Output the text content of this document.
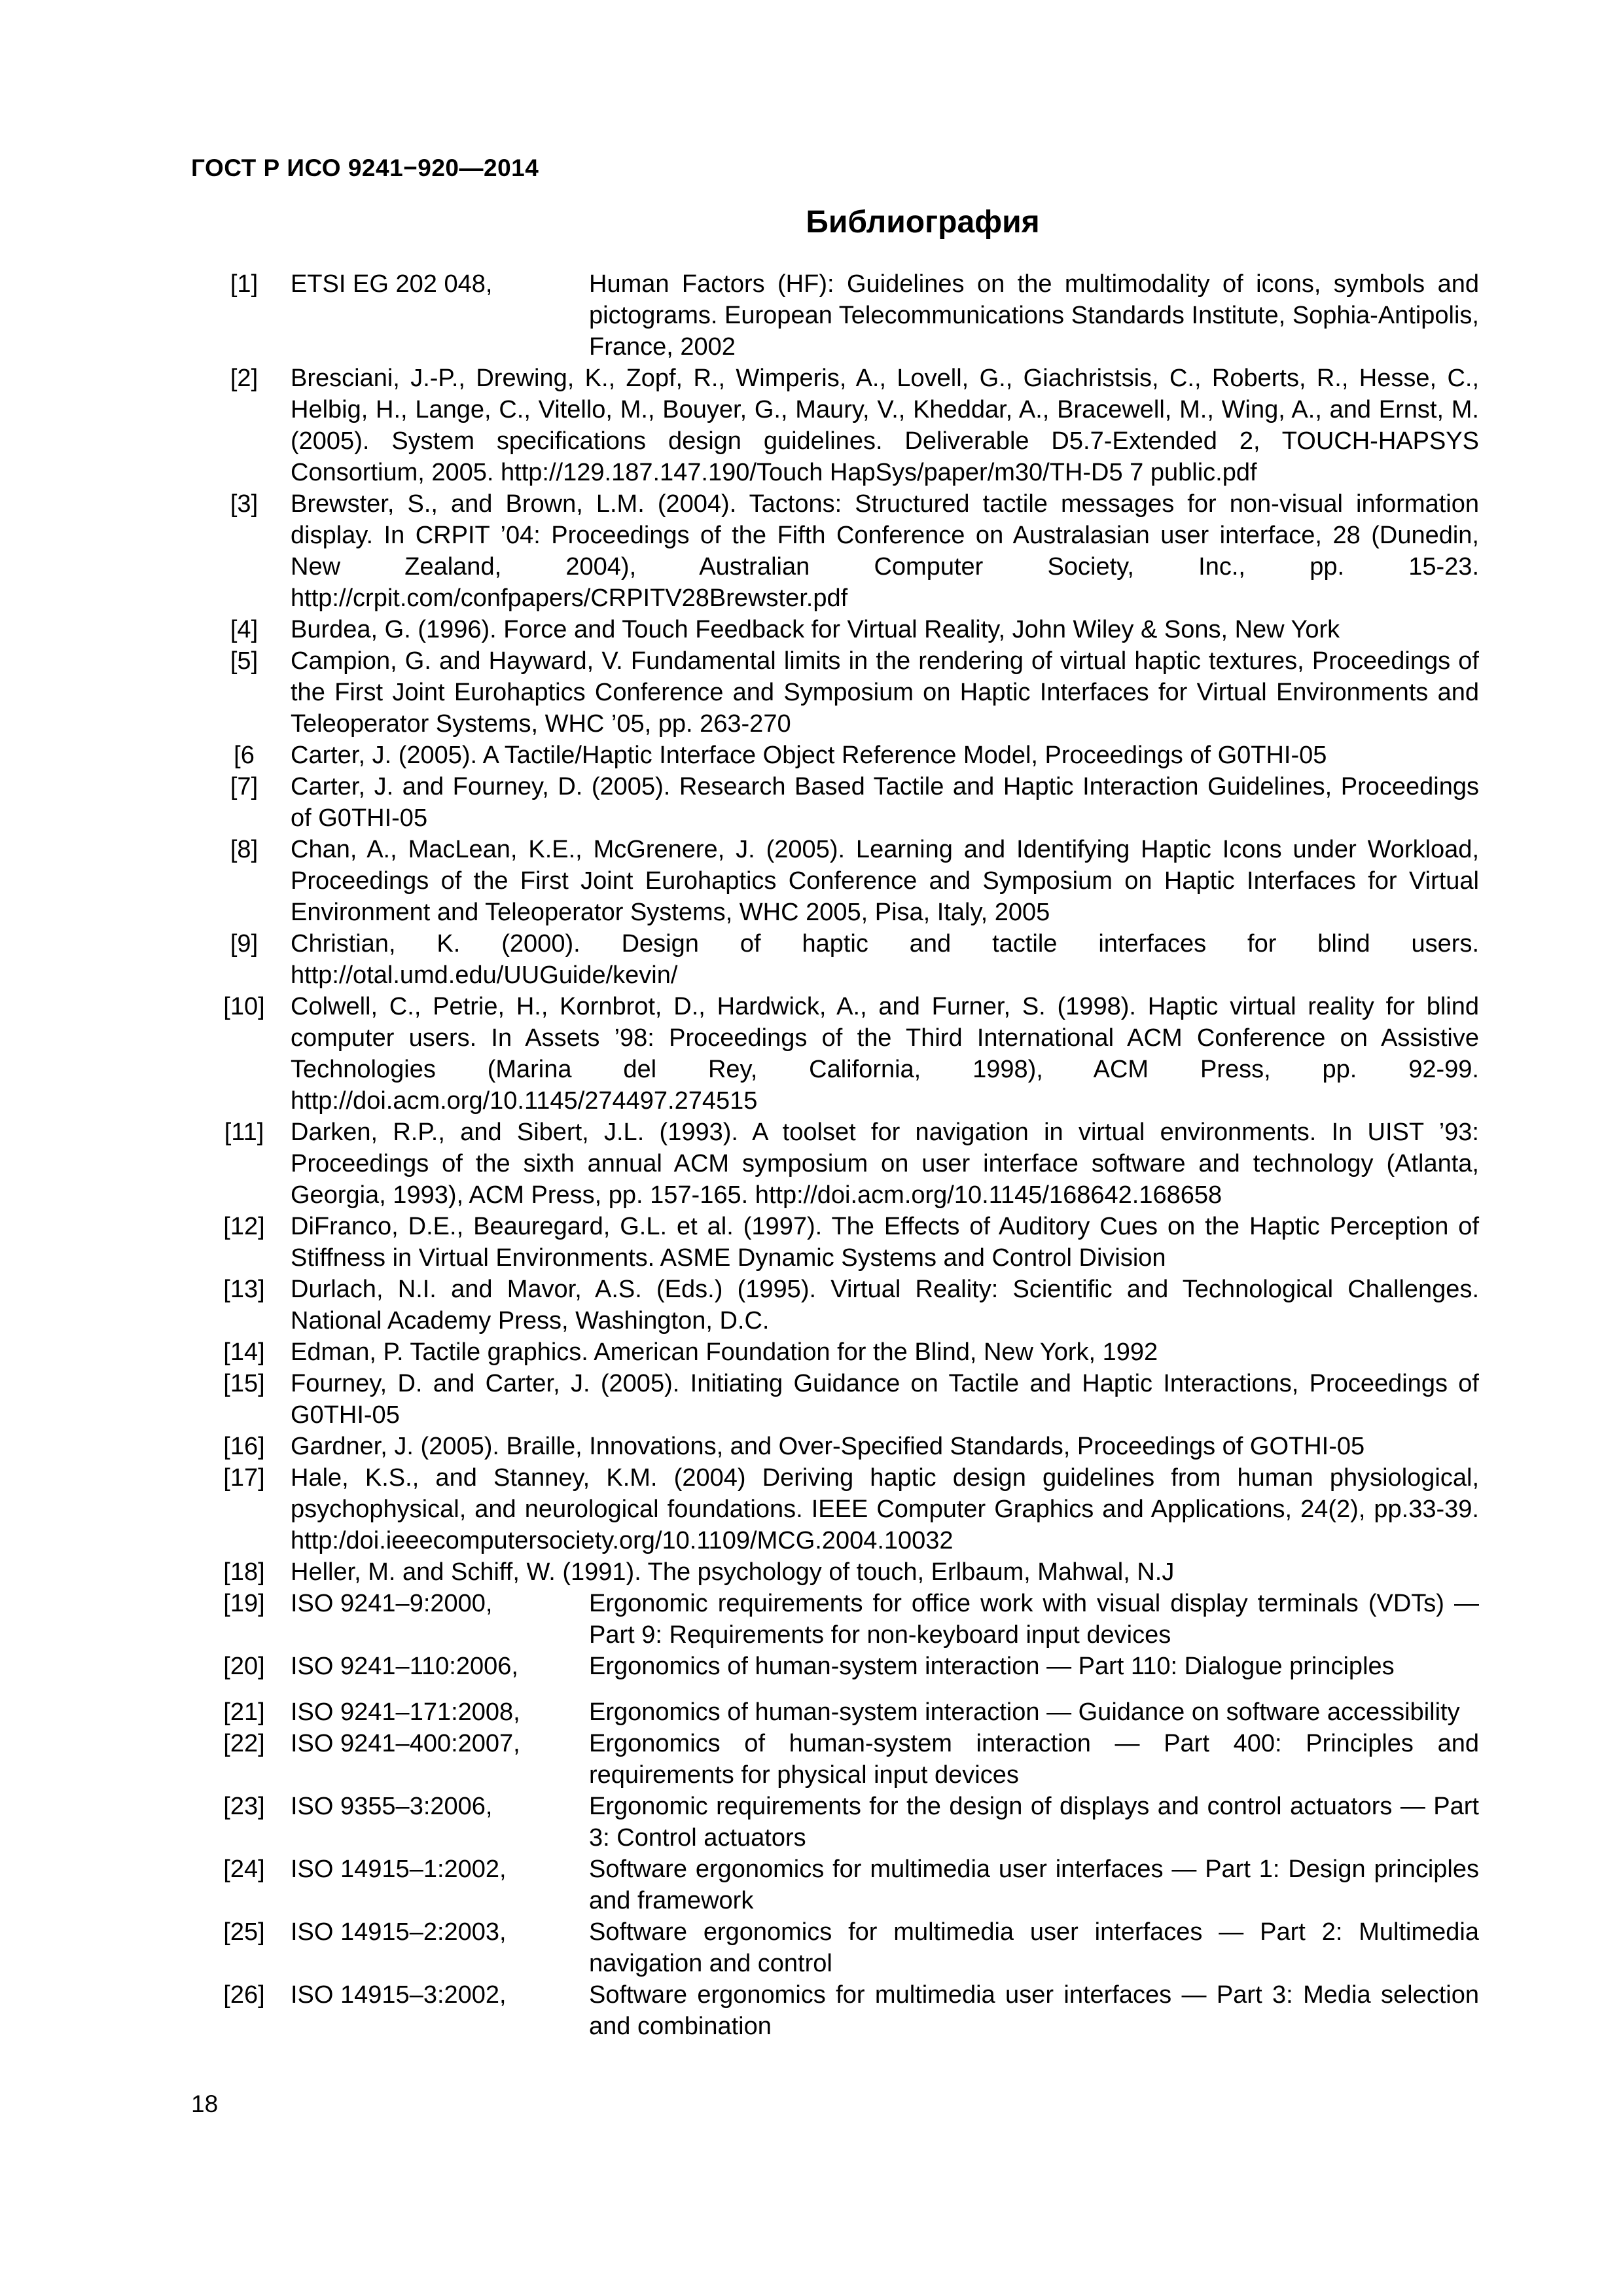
ГОСТ Р ИСО 9241−920—2014

Библиография
[1]	ETSI EG 202 048,	Human Factors (HF): Guidelines on the multimodality of icons, symbols and pictograms. European Telecommunications Standards Institute, Sophia-Antipolis, France, 2002
[2]	Bresciani, J.-P., Drewing, K., Zopf, R., Wimperis, A., Lovell, G., Giachristsis, C., Roberts, R., Hesse, C., Helbig, H., Lange, C., Vitello, M., Bouyer, G., Maury, V., Kheddar, A., Bracewell, M., Wing, A., and Ernst, M. (2005). System specifications design guidelines. Deliverable D5.7-Extended 2, TOUCH-HAPSYS Consortium, 2005. http://129.187.147.190/Touch HapSys/paper/m30/TH-D5 7 public.pdf
[3]	Brewster, S., and Brown, L.M. (2004). Tactons: Structured tactile messages for non-visual information display. In CRPIT ’04: Proceedings of the Fifth Conference on Australasian user interface, 28 (Dunedin, New Zealand, 2004), Australian Computer Society, Inc., pp. 15-23. http://crpit.com/confpapers/CRPITV28Brewster.pdf
[4]	Burdea, G. (1996). Force and Touch Feedback for Virtual Reality, John Wiley & Sons, New York
[5]	Campion, G. and Hayward, V. Fundamental limits in the rendering of virtual haptic textures, Proceedings of the First Joint Eurohaptics Conference and Symposium on Haptic Interfaces for Virtual Environments and Teleoperator Systems, WHC ’05, pp. 263-270
[6	Carter, J. (2005). A Tactile/Haptic Interface Object Reference Model, Proceedings of G0THI-05
[7]	Carter, J. and Fourney, D. (2005). Research Based Tactile and Haptic Interaction Guidelines, Proceedings of G0THI-05
[8]	Chan, A., MacLean, K.E., McGrenere, J. (2005). Learning and Identifying Haptic Icons under Workload, Proceedings of the First Joint Eurohaptics Conference and Symposium on Haptic Interfaces for Virtual Environment and Teleoperator Systems, WHC 2005, Pisa, Italy, 2005
[9]	Christian, K. (2000). Design of haptic and tactile interfaces for blind users. http://otal.umd.edu/UUGuide/kevin/
[10]	Colwell, C., Petrie, H., Kornbrot, D., Hardwick, A., and Furner, S. (1998). Haptic virtual reality for blind computer users. In Assets ’98: Proceedings of the Third International ACM Conference on Assistive Technologies (Marina del Rey, California, 1998), ACM Press, pp. 92-99. http://doi.acm.org/10.1145/274497.274515
[11]	Darken, R.P., and Sibert, J.L. (1993). A toolset for navigation in virtual environments. In UIST ’93: Proceedings of the sixth annual ACM symposium on user interface software and technology (Atlanta, Georgia, 1993), ACM Press, pp. 157-165. http://doi.acm.org/10.1145/168642.168658
[12]	DiFranco, D.E., Beauregard, G.L. et al. (1997). The Effects of Auditory Cues on the Haptic Perception of Stiffness in Virtual Environments. ASME Dynamic Systems and Control Division
[13]	Durlach, N.I. and Mavor, A.S. (Eds.) (1995). Virtual Reality: Scientific and Technological Challenges. National Academy Press, Washington, D.C.
[14]	Edman, P. Tactile graphics. American Foundation for the Blind, New York, 1992
[15]	Fourney, D. and Carter, J. (2005). Initiating Guidance on Tactile and Haptic Interactions, Proceedings of G0THI-05
[16]	Gardner, J. (2005). Braille, Innovations, and Over-Specified Standards, Proceedings of GOTHI-05
[17]	Hale, K.S., and Stanney, K.M. (2004) Deriving haptic design guidelines from human physiological, psychophysical, and neurological foundations. IEEE Computer Graphics and Applications, 24(2), pp.33-39. http:/doi.ieeecomputersociety.org/10.1109/MCG.2004.10032
[18]	Heller, M. and Schiff, W. (1991). The psychology of touch, Erlbaum, Mahwal, N.J
[19]	ISO 9241–9:2000,	Ergonomic requirements for office work with visual display terminals (VDTs) — Part 9: Requirements for non-keyboard input devices
[20]	ISO 9241–110:2006,	Ergonomics of human-system interaction — Part 110: Dialogue principles
[21]	ISO 9241–171:2008,	Ergonomics of human-system interaction — Guidance on software accessibility
[22]	ISO 9241–400:2007,	Ergonomics of human-system interaction — Part 400: Principles and requirements for physical input devices
[23]	ISO 9355–3:2006,	Ergonomic requirements for the design of displays and control actuators — Part 3: Control actuators
[24]	ISO 14915–1:2002,	Software ergonomics for multimedia user interfaces — Part 1: Design principles and framework
[25]	ISO 14915–2:2003,	Software ergonomics for multimedia user interfaces — Part 2: Multimedia navigation and control
[26]	ISO 14915–3:2002,	Software ergonomics for multimedia user interfaces — Part 3: Media selection and combination

18
